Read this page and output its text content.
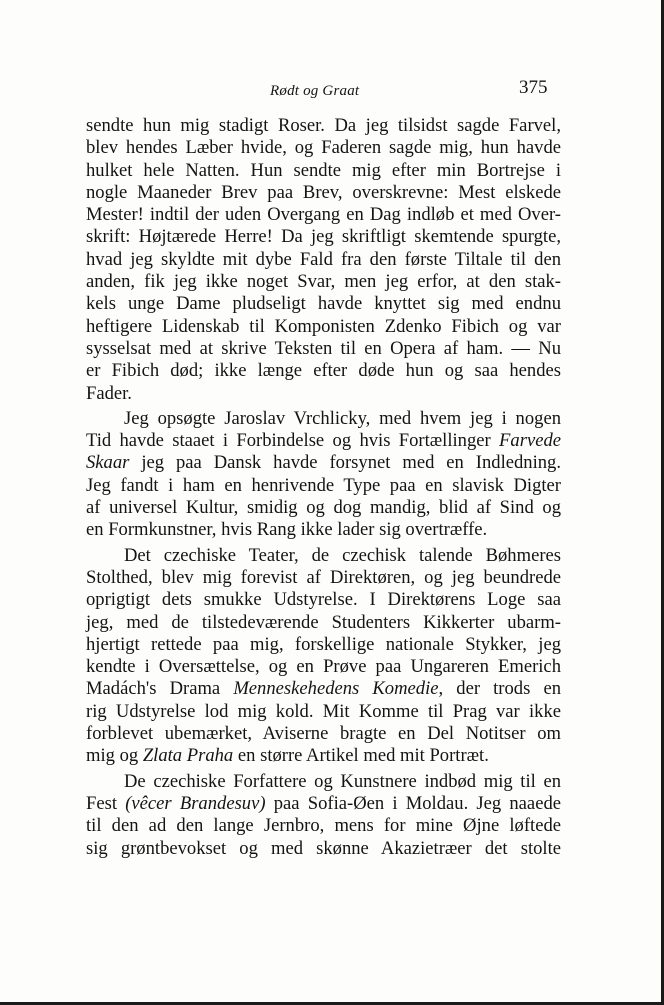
Rødt og Graat	375
sendte hun mig stadigt Roser. Da jeg tilsidst sagde Farvel,
blev hendes Læber hvide, og Faderen sagde mig, hun havde
hulket hele Natten. Hun sendte mig efter min Bortrejse i
nogle Maaneder Brev paa Brev, overskrevne: Mest elskede
Mester! indtil der uden Overgang en Dag indløb et med Over-
skrift: Højtærede Herre! Da jeg skriftligt skemtende spurgte,
hvad jeg skyldte mit dybe Fald fra den første Tiltale til den
anden, fik jeg ikke noget Svar, men jeg erfor, at den stak-
kels unge Dame pludseligt havde knyttet sig med endnu
heftigere Lidenskab til Komponisten Zdenko Fibich og var
sysselsat med at skrive Teksten til en Opera af ham. — Nu
er Fibich død; ikke længe efter døde hun og saa hendes
Fader.
Jeg opsøgte Jaroslav Vrchlicky, med hvem jeg i nogen
Tid havde staaet i Forbindelse og hvis Fortællinger Farvede
Skaar jeg paa Dansk havde forsynet med en Indledning.
Jeg fandt i ham en henrivende Type paa en slavisk Digter
af universel Kultur, smidig og dog mandig, blid af Sind og
en Formkunstner, hvis Rang ikke lader sig overtræffe.
Det czechiske Teater, de czechisk talende Bøhmeres
Stolthed, blev mig forevist af Direktøren, og jeg beundrede
oprigtigt dets smukke Udstyrelse. I Direktørens Loge saa
jeg, med de tilstedeværende Studenters Kikkerter ubarm-
hjertigt rettede paa mig, forskellige nationale Stykker, jeg
kendte i Oversættelse, og en Prøve paa Ungareren Emerich
Madách's Drama Menneskehedens Komedie, der trods en
rig Udstyrelse lod mig kold. Mit Komme til Prag var ikke
forblevet ubemærket, Aviserne bragte en Del Notitser om
mig og Zlata Praha en større Artikel med mit Portræt.
De czechiske Forfattere og Kunstnere indbød mig til en
Fest (vêcer Brandesuv) paa Sofia-Øen i Moldau. Jeg naaede
til den ad den lange Jernbro, mens for mine Øjne løftede
sig grøntbevokset og med skønne Akazietræer det stolte
